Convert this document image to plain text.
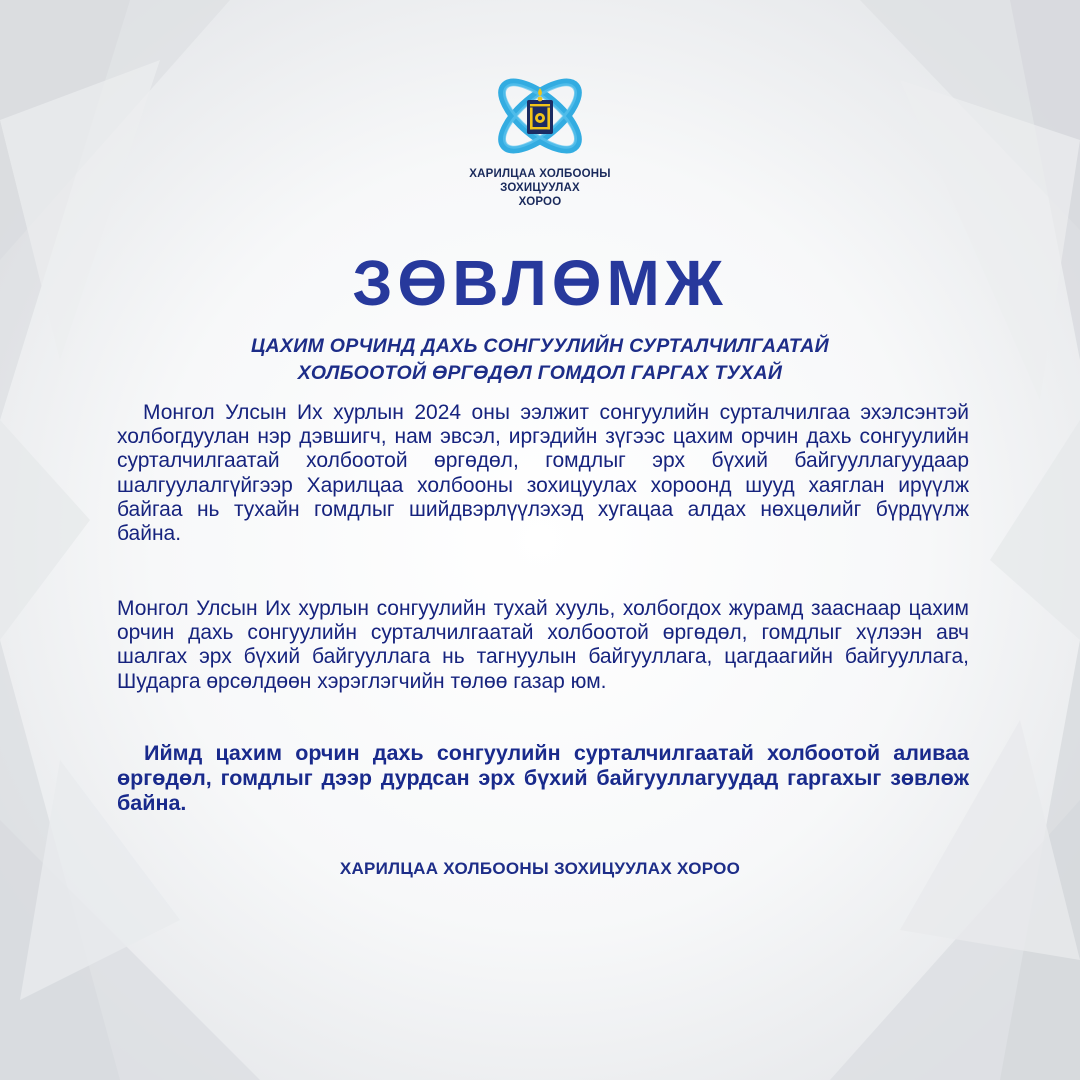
ХАРИЛЦАА ХОЛБООНЫ
ЗОХИЦУУЛАХ
ХОРОО
ЗӨВЛӨМЖ
ЦАХИМ ОРЧИНД ДАХЬ СОНГУУЛИЙН СУРТАЛЧИЛГААТАЙ
ХОЛБООТОЙ ӨРГӨДӨЛ ГОМДОЛ ГАРГАХ ТУХАЙ
Монгол Улсын Их хурлын 2024 оны ээлжит сонгуулийн сурталчилгаа эхэлсэнтэй холбогдуулан нэр дэвшигч, нам эвсэл, иргэдийн зүгээс цахим орчин дахь сонгуулийн сурталчилгаатай холбоотой өргөдөл, гомдлыг эрх бүхий байгууллагуудаар шалгуулалгүйгээр Харилцаа холбооны зохицуулах хороонд шууд хаяглан ирүүлж байгаа нь тухайн гомдлыг шийдвэрлүүлэхэд хугацаа алдах нөхцөлийг бүрдүүлж байна.
Монгол Улсын Их хурлын сонгуулийн тухай хууль, холбогдох журамд зааснаар цахим орчин дахь сонгуулийн сурталчилгаатай холбоотой өргөдөл, гомдлыг хүлээн авч шалгах эрх бүхий байгууллага нь тагнуулын байгууллага, цагдаагийн байгууллага, Шударга өрсөлдөөн хэрэглэгчийн төлөө газар юм.
Иймд цахим орчин дахь сонгуулийн сурталчилгаатай холбоотой аливаа өргөдөл, гомдлыг дээр дурдсан эрх бүхий байгууллагуудад гаргахыг зөвлөж байна.
ХАРИЛЦАА ХОЛБООНЫ ЗОХИЦУУЛАХ ХОРОО
